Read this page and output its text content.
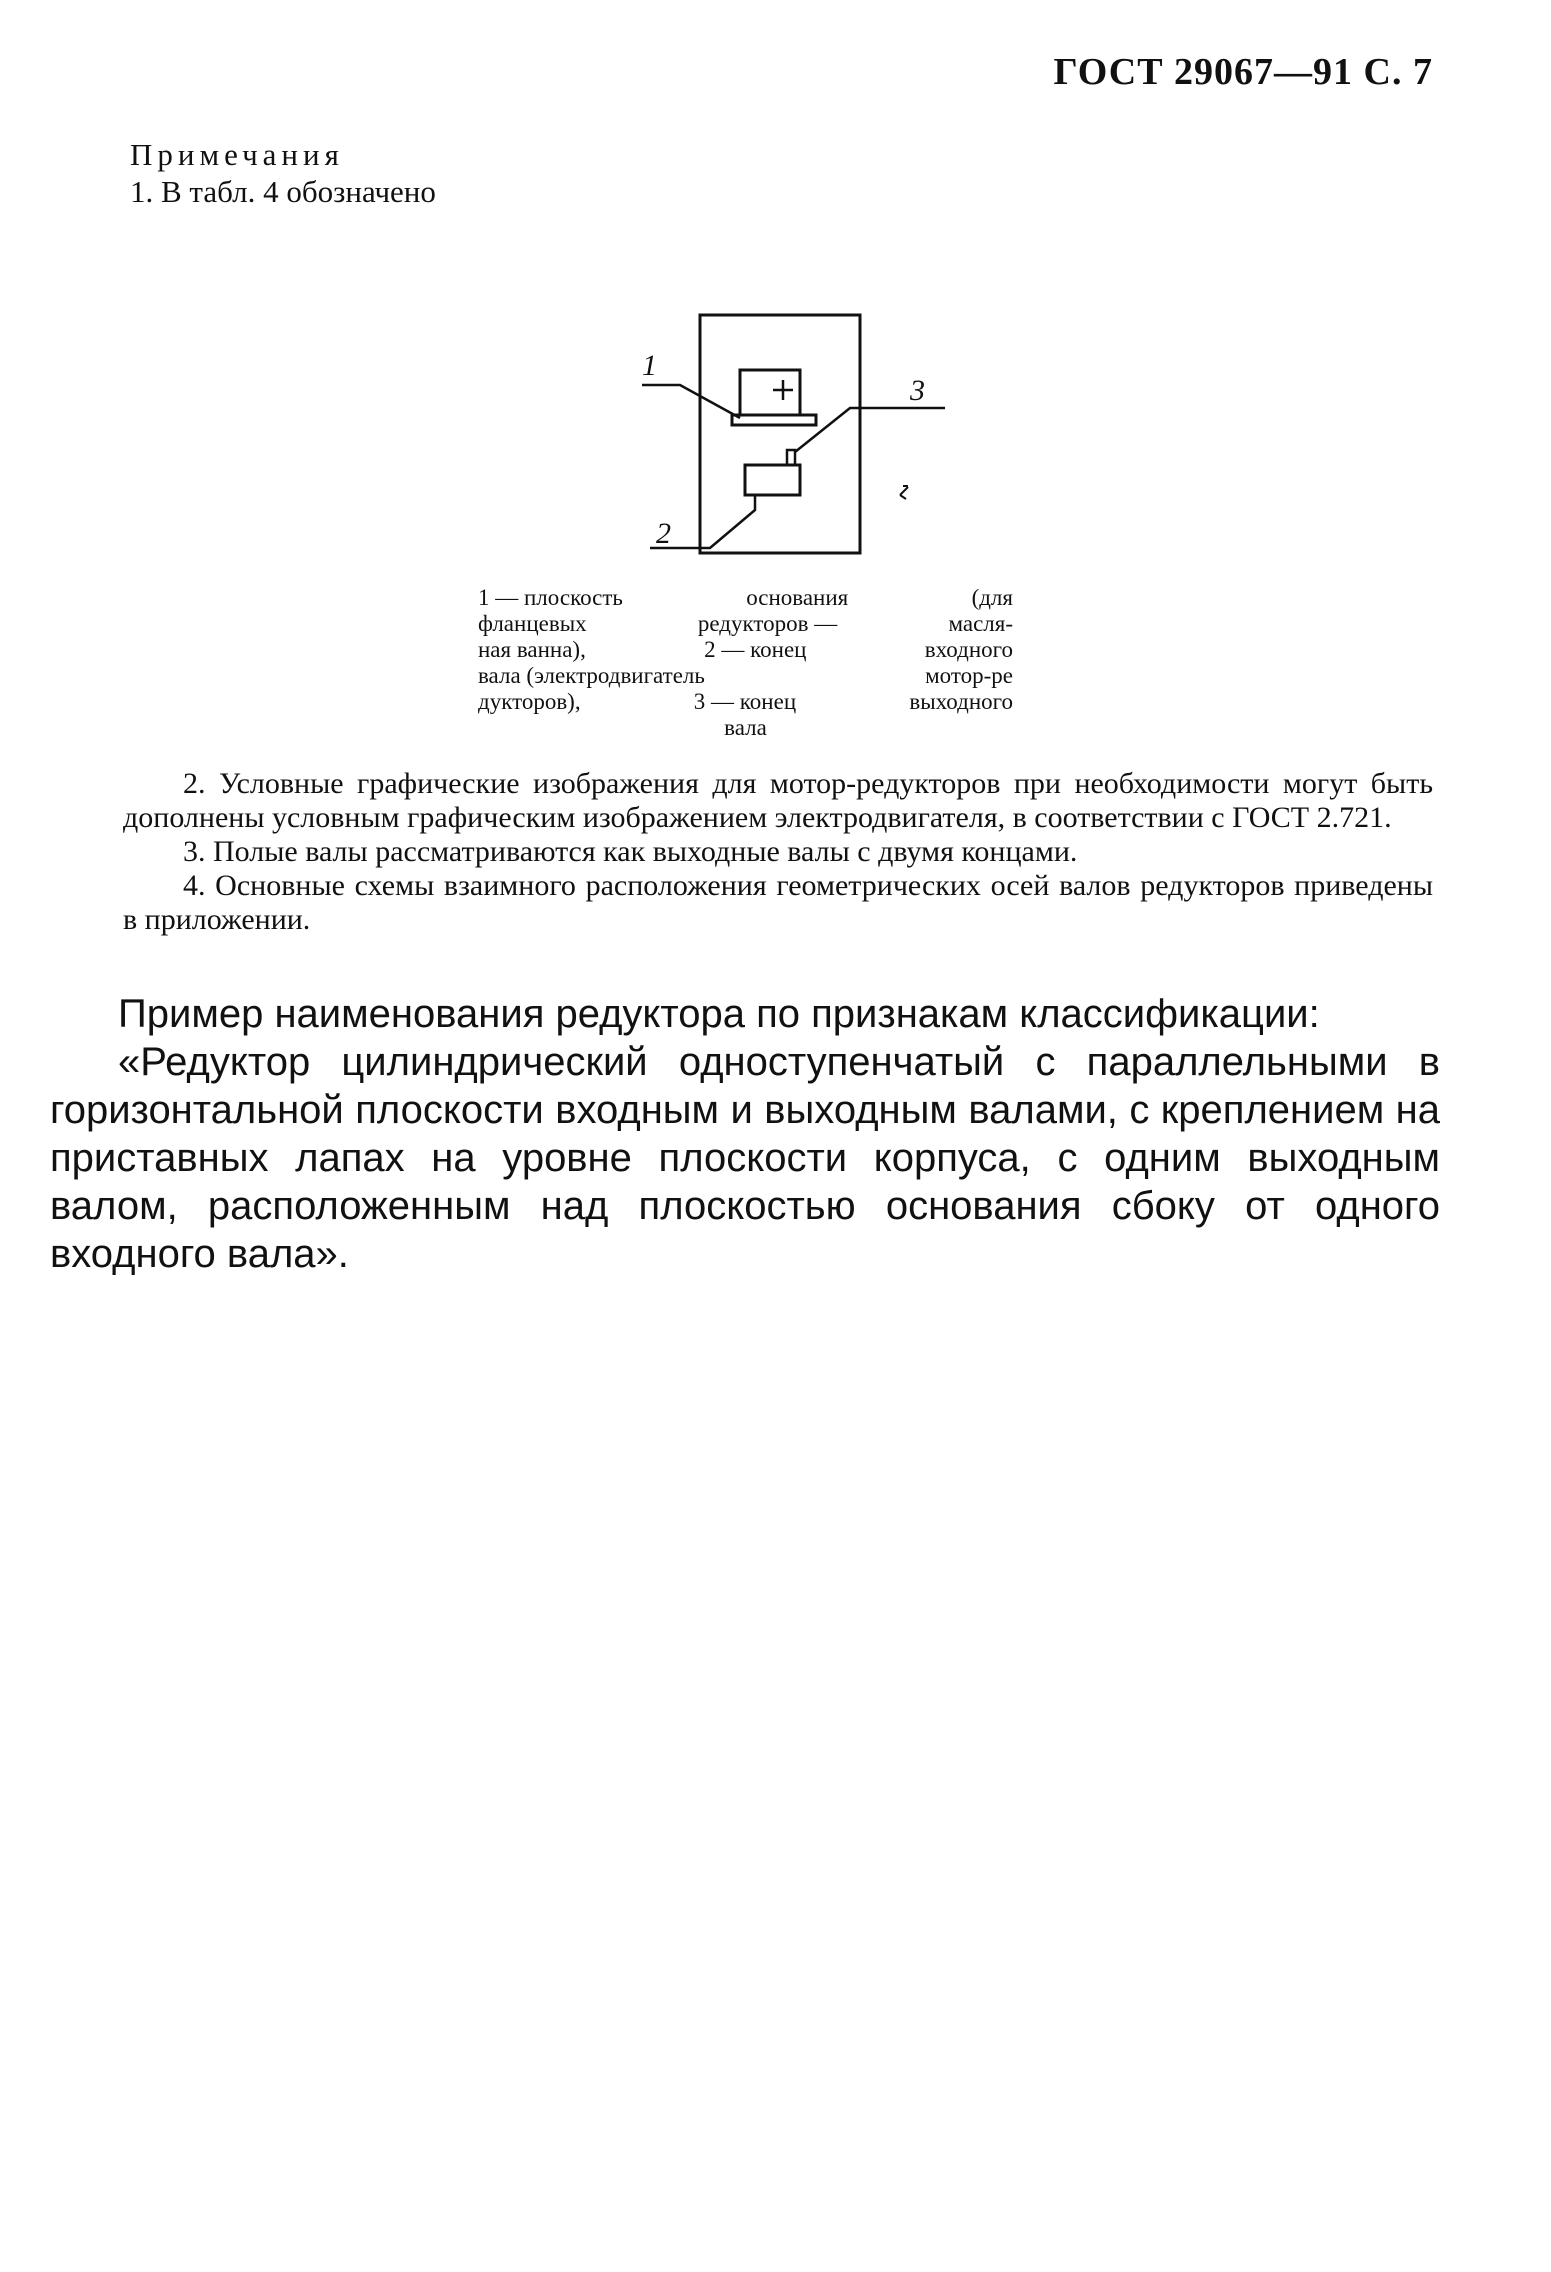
ГОСТ 29067—91 С. 7
Примечания
1. В табл. 4 обозначено
1
3
2
1 — плоскость	основания	(для
фланцевых	редукторов —	масля-
ная ванна),	2 — конец	входного
вала (электродвигатель	мотор-ре
дукторов),	3 — конец	выходного
вала

2. Условные графические изображения для мотор-редукторов при необходимости могут быть дополнены условным графическим изображением электродвигателя, в соответствии с ГОСТ 2.721.

3. Полые валы рассматриваются как выходные валы с двумя концами.

4. Основные схемы взаимного расположения геометрических осей валов редукторов приведены в приложении.

Пример наименования редуктора по признакам классификации:

«Редуктор цилиндрический одноступенчатый с параллельными в горизонтальной плоскости входным и выходным валами, с креплением на приставных лапах на уровне плоскости корпуса, с одним выходным валом, расположенным над плоскостью основания сбоку от одного входного вала».
